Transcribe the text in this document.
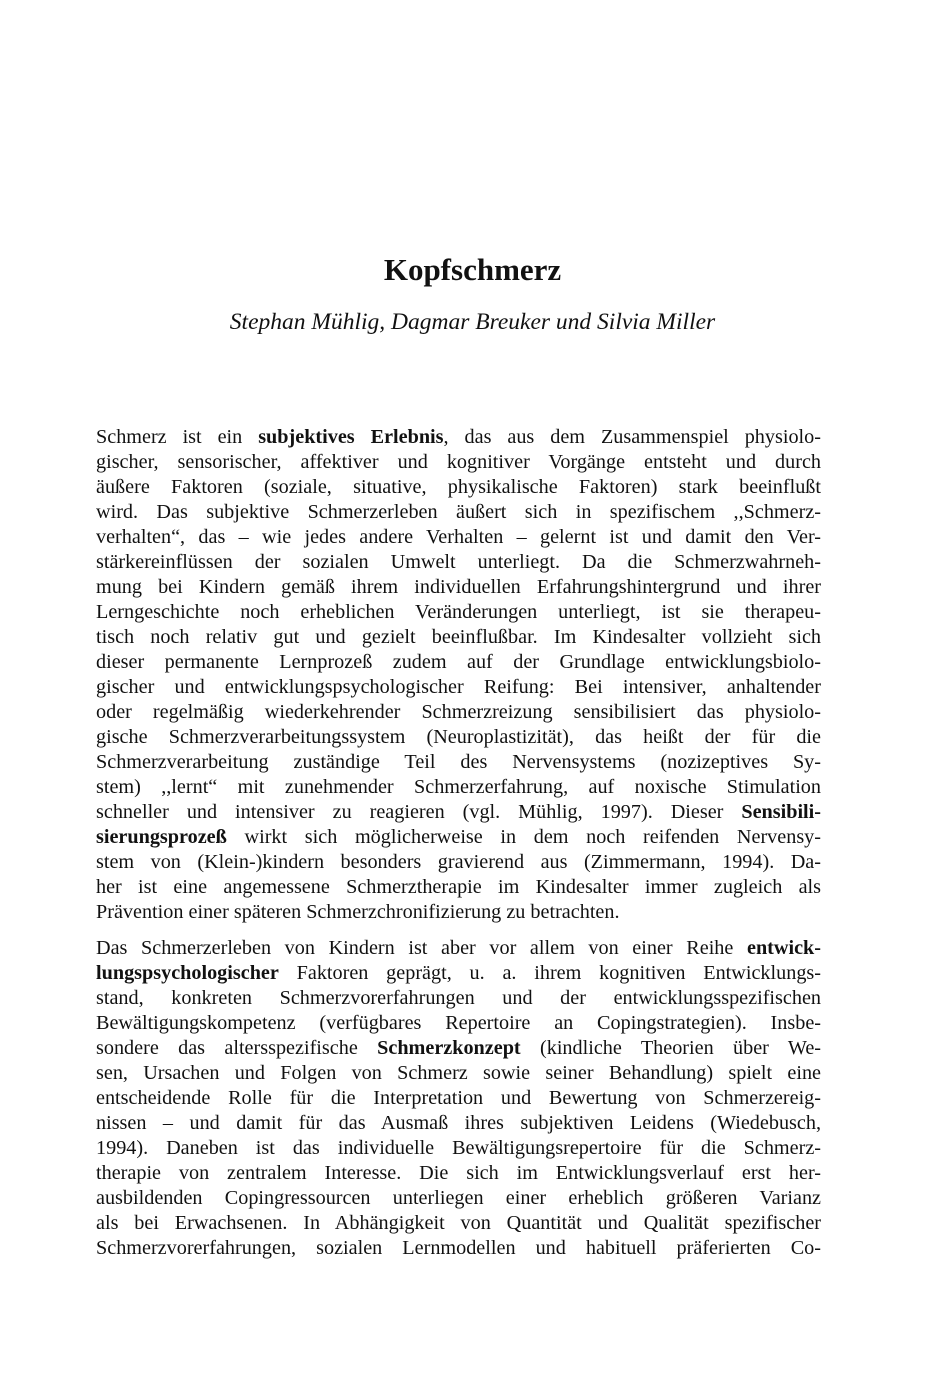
Kopfschmerz
Stephan Mühlig, Dagmar Breuker und Silvia Miller
Schmerz ist ein subjektives Erlebnis, das aus dem Zusammenspiel physiolo-
gischer, sensorischer, affektiver und kognitiver Vorgänge entsteht und durch
äußere Faktoren (soziale, situative, physikalische Faktoren) stark beeinflußt
wird. Das subjektive Schmerzerleben äußert sich in spezifischem ,,Schmerz-
verhalten“, das – wie jedes andere Verhalten – gelernt ist und damit den Ver-
stärkereinflüssen der sozialen Umwelt unterliegt. Da die Schmerzwahrneh-
mung bei Kindern gemäß ihrem individuellen Erfahrungshintergrund und ihrer
Lerngeschichte noch erheblichen Veränderungen unterliegt, ist sie therapeu-
tisch noch relativ gut und gezielt beeinflußbar. Im Kindesalter vollzieht sich
dieser permanente Lernprozeß zudem auf der Grundlage entwicklungsbiolo-
gischer und entwicklungspsychologischer Reifung: Bei intensiver, anhaltender
oder regelmäßig wiederkehrender Schmerzreizung sensibilisiert das physiolo-
gische Schmerzverarbeitungssystem (Neuroplastizität), das heißt der für die
Schmerzverarbeitung zuständige Teil des Nervensystems (nozizeptives Sy-
stem) ,,lernt“ mit zunehmender Schmerzerfahrung, auf noxische Stimulation
schneller und intensiver zu reagieren (vgl. Mühlig, 1997). Dieser Sensibili-
sierungsprozeß wirkt sich möglicherweise in dem noch reifenden Nervensy-
stem von (Klein-)kindern besonders gravierend aus (Zimmermann, 1994). Da-
her ist eine angemessene Schmerztherapie im Kindesalter immer zugleich als
Prävention einer späteren Schmerzchronifizierung zu betrachten.
Das Schmerzerleben von Kindern ist aber vor allem von einer Reihe entwick-
lungspsychologischer Faktoren geprägt, u. a. ihrem kognitiven Entwicklungs-
stand, konkreten Schmerzvorerfahrungen und der entwicklungsspezifischen
Bewältigungskompetenz (verfügbares Repertoire an Copingstrategien). Insbe-
sondere das altersspezifische Schmerzkonzept (kindliche Theorien über We-
sen, Ursachen und Folgen von Schmerz sowie seiner Behandlung) spielt eine
entscheidende Rolle für die Interpretation und Bewertung von Schmerzereig-
nissen – und damit für das Ausmaß ihres subjektiven Leidens (Wiedebusch,
1994). Daneben ist das individuelle Bewältigungsrepertoire für die Schmerz-
therapie von zentralem Interesse. Die sich im Entwicklungsverlauf erst her-
ausbildenden Copingressourcen unterliegen einer erheblich größeren Varianz
als bei Erwachsenen. In Abhängigkeit von Quantität und Qualität spezifischer
Schmerzvorerfahrungen, sozialen Lernmodellen und habituell präferierten Co-
